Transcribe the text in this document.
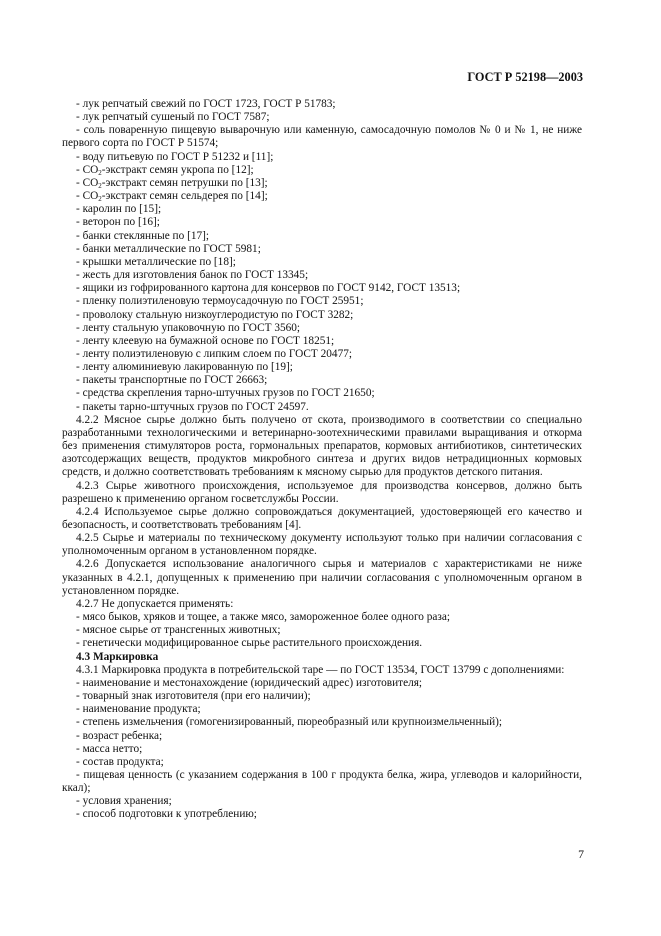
ГОСТ Р 52198—2003

- лук репчатый свежий по ГОСТ 1723, ГОСТ Р 51783;

- лук репчатый сушеный по ГОСТ 7587;

- соль поваренную пищевую выварочную или каменную, самосадочную помолов № 0 и № 1, не ниже первого сорта по ГОСТ Р 51574;

- воду питьевую по ГОСТ Р 51232 и [11];

- $CO_2$-экстракт семян укропа по [12];

- $CO_2$-экстракт семян петрушки по [13];

- $CO_2$-экстракт семян сельдерея по [14];

- каролин по [15];

- веторон по [16];

- банки стеклянные по [17];

- банки металлические по ГОСТ 5981;

- крышки металлические по [18];

- жесть для изготовления банок по ГОСТ 13345;

- ящики из гофрированного картона для консервов по ГОСТ 9142, ГОСТ 13513;

- пленку полиэтиленовую термоусадочную по ГОСТ 25951;

- проволоку стальную низкоуглеродистую по ГОСТ 3282;

- ленту стальную упаковочную по ГОСТ 3560;

- ленту клеевую на бумажной основе по ГОСТ 18251;

- ленту полиэтиленовую с липким слоем по ГОСТ 20477;

- ленту алюминиевую лакированную по [19];

- пакеты транспортные по ГОСТ 26663;

- средства скрепления тарно-штучных грузов по ГОСТ 21650;

- пакеты тарно-штучных грузов по ГОСТ 24597.

4.2.2 Мясное сырье должно быть получено от скота, производимого в соответствии со специально разработанными технологическими и ветеринарно-зоотехническими правилами выращивания и откорма без применения стимуляторов роста, гормональных препаратов, кормовых антибиотиков, синтетических азотсодержащих веществ, продуктов микробного синтеза и других видов нетрадиционных кормовых средств, и должно соответствовать требованиям к мясному сырью для продуктов детского питания.

4.2.3 Сырье животного происхождения, используемое для производства консервов, должно быть разрешено к применению органом госветслужбы России.

4.2.4 Используемое сырье должно сопровождаться документацией, удостоверяющей его качество и безопасность, и соответствовать требованиям [4].

4.2.5 Сырье и материалы по техническому документу используют только при наличии согласования с уполномоченным органом в установленном порядке.

4.2.6 Допускается использование аналогичного сырья и материалов с характеристиками не ниже указанных в 4.2.1, допущенных к применению при наличии согласования с уполномоченным органом в установленном порядке.

4.2.7 Не допускается применять:

- мясо быков, хряков и тощее, а также мясо, замороженное более одного раза;

- мясное сырье от трансгенных животных;

- генетически модифицированное сырье растительного происхождения.

4.3 Маркировка

4.3.1 Маркировка продукта в потребительской таре — по ГОСТ 13534, ГОСТ 13799 с дополнениями:

- наименование и местонахождение (юридический адрес) изготовителя;

- товарный знак изготовителя (при его наличии);

- наименование продукта;

- степень измельчения (гомогенизированный, пюреобразный или крупноизмельченный);

- возраст ребенка;

- масса нетто;

- состав продукта;

- пищевая ценность (с указанием содержания в 100 г продукта белка, жира, углеводов и калорийности, ккал);

- условия хранения;

- способ подготовки к употреблению;

7
